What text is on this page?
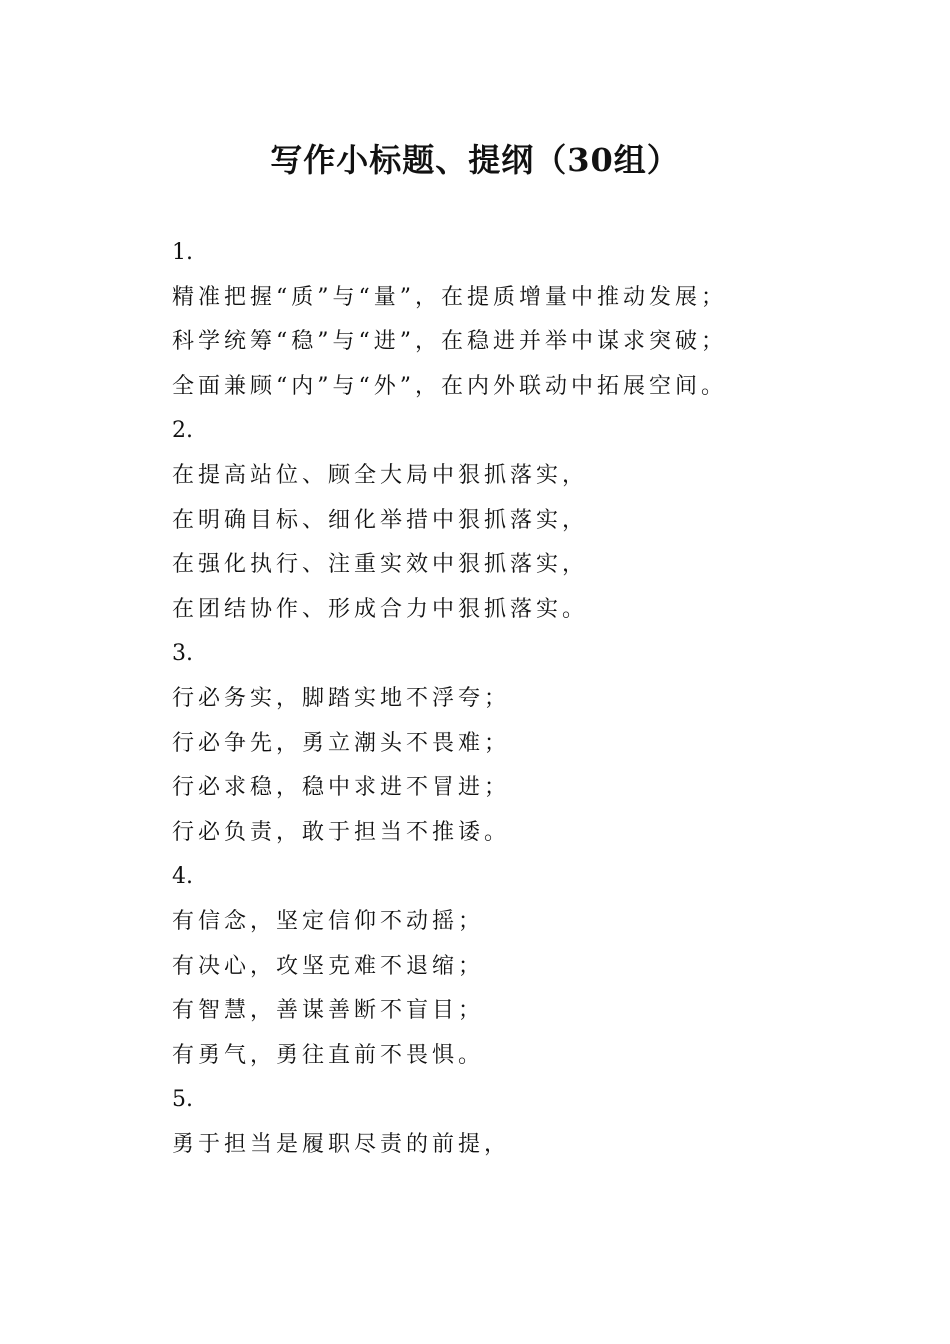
写作小标题、提纲（30组）
1.
精准把握“质”与“量”，在提质增量中推动发展；
科学统筹“稳”与“进”，在稳进并举中谋求突破；
全面兼顾“内”与“外”，在内外联动中拓展空间。
2.
在提高站位、顾全大局中狠抓落实，
在明确目标、细化举措中狠抓落实，
在强化执行、注重实效中狠抓落实，
在团结协作、形成合力中狠抓落实。
3.
行必务实，脚踏实地不浮夸；
行必争先，勇立潮头不畏难；
行必求稳，稳中求进不冒进；
行必负责，敢于担当不推诿。
4.
有信念，坚定信仰不动摇；
有决心，攻坚克难不退缩；
有智慧，善谋善断不盲目；
有勇气，勇往直前不畏惧。
5.
勇于担当是履职尽责的前提，
